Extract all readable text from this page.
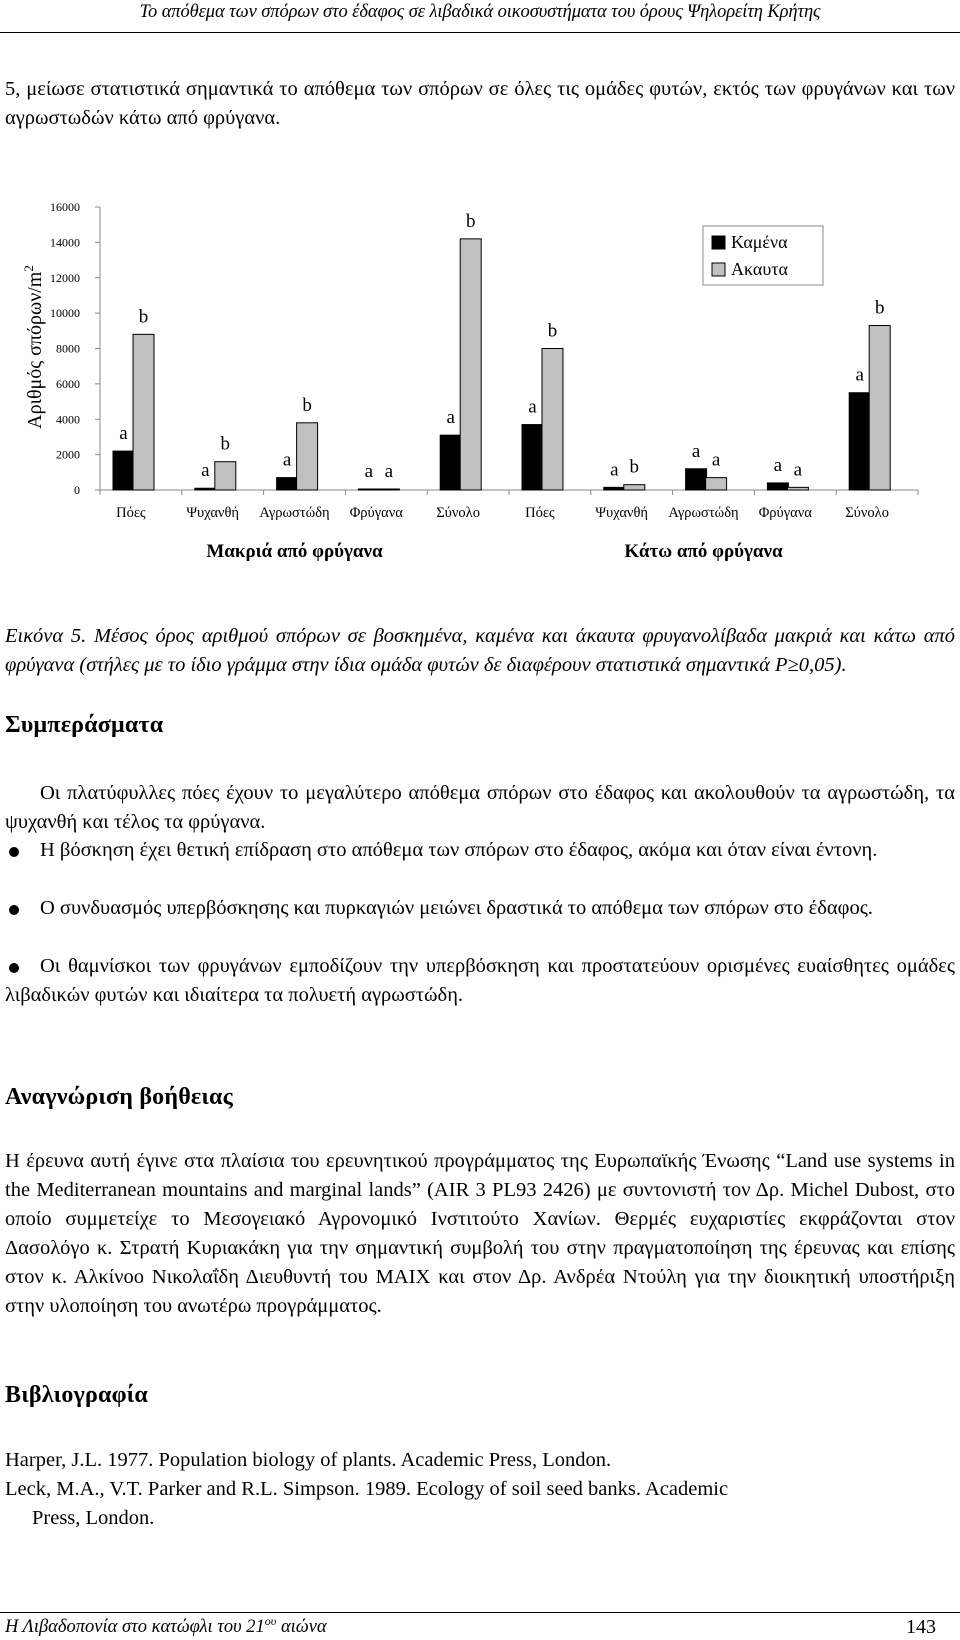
Το απόθεμα των σπόρων στο έδαφος σε λιβαδικά οικοσυστήματα του όρους Ψηλορείτη Κρήτης

5, μείωσε στατιστικά σημαντικά το απόθεμα των σπόρων σε όλες τις ομάδες φυτών, εκτός των φρυγάνων και των αγρωστωδών κάτω από φρύγανα.

Αριθμός σπόρων/$m^2$
0
2000
4000
6000
8000
10000
12000
14000
16000
a
b
Πόες
a
b
Ψυχανθή
a
b
Αγρωστώδη
a a
Φρύγανα
a
b
Σύνολο
a
b
Πόες
a b
Ψυχανθή
a a
Αγρωστώδη
a a
Φρύγανα
a
b
Σύνολο
Μακριά από φρύγανα	Κάτω από φρύγανα
Καμένα
Ακαυτα

Εικόνα 5. Μέσος όρος αριθμού σπόρων σε βοσκημένα, καμένα και άκαυτα φρυγανολίβαδα μακριά και κάτω από φρύγανα (στήλες με το ίδιο γράμμα στην ίδια ομάδα φυτών δε διαφέρουν στατιστικά σημαντικά P≥0,05).

Συμπεράσματα

Οι πλατύφυλλες πόες έχουν το μεγαλύτερο απόθεμα σπόρων στο έδαφος και ακολουθούν τα αγρωστώδη, τα ψυχανθή και τέλος τα φρύγανα.

Η βόσκηση έχει θετική επίδραση στο απόθεμα των σπόρων στο έδαφος, ακόμα και όταν είναι έντονη.

Ο συνδυασμός υπερβόσκησης και πυρκαγιών μειώνει δραστικά το απόθεμα των σπόρων στο έδαφος.

Οι θαμνίσκοι των φρυγάνων εμποδίζουν την υπερβόσκηση και προστατεύουν ορισμένες ευαίσθητες ομάδες λιβαδικών φυτών και ιδιαίτερα τα πολυετή αγρωστώδη.

Αναγνώριση βοήθειας

Η έρευνα αυτή έγινε στα πλαίσια του ερευνητικού προγράμματος της Ευρωπαϊκής Ένωσης “Land use systems in the Mediterranean mountains and marginal lands” (AIR 3 PL93 2426) με συντονιστή τον Δρ. Michel Dubost, στο οποίο συμμετείχε το Μεσογειακό Αγρονομικό Ινστιτούτο Χανίων. Θερμές ευχαριστίες εκφράζονται στον Δασολόγο κ. Στρατή Κυριακάκη για την σημαντική συμβολή του στην πραγματοποίηση της έρευνας και επίσης στον κ. Αλκίνοο Νικολαΐδη Διευθυντή του ΜΑΙΧ και στον Δρ. Ανδρέα Ντούλη για την διοικητική υποστήριξη στην υλοποίηση του ανωτέρω προγράμματος.

Βιβλιογραφία

Harper, J.L. 1977. Population biology of plants. Academic Press, London.

Leck, M.A., V.T. Parker and R.L. Simpson. 1989. Ecology of soil seed banks. Academic
Press, London.

Η Λιβαδοπονία στο κατώφλι του $21^{o\upsilon}$ αιώνα	143
